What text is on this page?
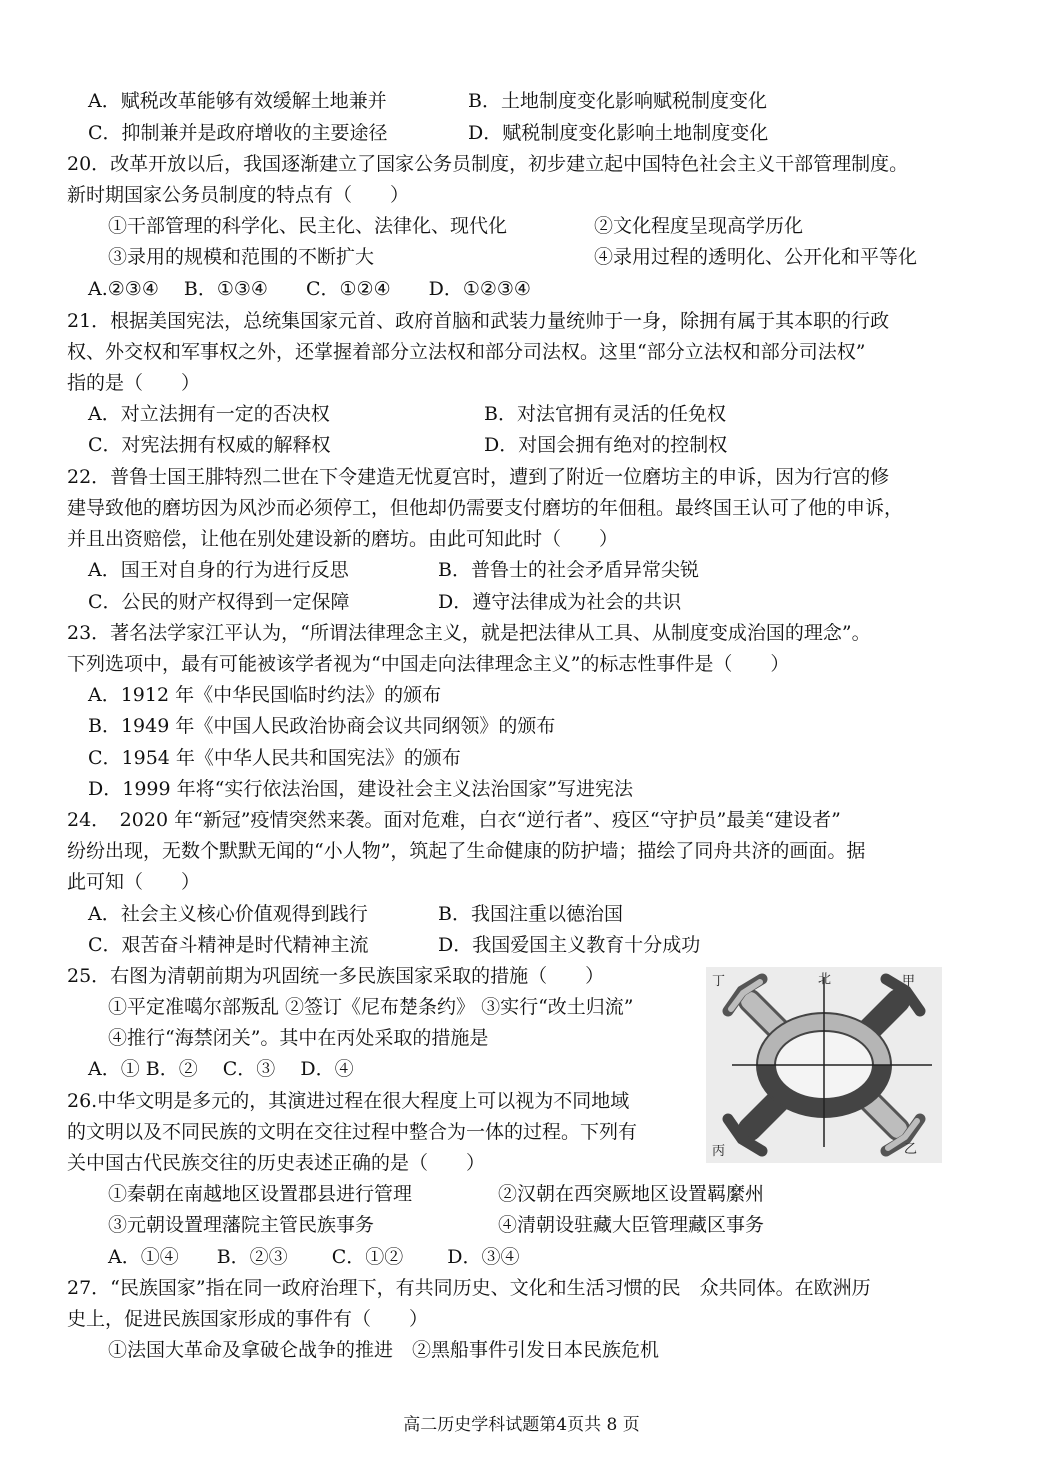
A．赋税改革能够有效缓解土地兼并	B．土地制度变化影响赋税制度变化
C．抑制兼并是政府增收的主要途径	D．赋税制度变化影响土地制度变化
20．改革开放以后，我国逐渐建立了国家公务员制度，初步建立起中国特色社会主义干部管理制度。
新时期国家公务员制度的特点有（　　）
①干部管理的科学化、民主化、法律化、现代化	②文化程度呈现高学历化
③录用的规模和范围的不断扩大	④录用过程的透明化、公开化和平等化
A.②③④　 B．①③④　　C．①②④　　D．①②③④
21．根据美国宪法，总统集国家元首、政府首脑和武装力量统帅于一身，除拥有属于其本职的行政
权、外交权和军事权之外，还掌握着部分立法权和部分司法权。这里“部分立法权和部分司法权”
指的是（　　）
A．对立法拥有一定的否决权	B．对法官拥有灵活的任免权
C．对宪法拥有权威的解释权	D．对国会拥有绝对的控制权
22．普鲁士国王腓特烈二世在下令建造无忧夏宫时，遭到了附近一位磨坊主的申诉，因为行宫的修
建导致他的磨坊因为风沙而必须停工，但他却仍需要支付磨坊的年佃租。最终国王认可了他的申诉，
并且出资赔偿，让他在别处建设新的磨坊。由此可知此时（　　）
A．国王对自身的行为进行反思	B．普鲁士的社会矛盾异常尖锐
C．公民的财产权得到一定保障	D．遵守法律成为社会的共识
23．著名法学家江平认为，“所谓法律理念主义，就是把法律从工具、从制度变成治国的理念”。
下列选项中，最有可能被该学者视为“中国走向法律理念主义”的标志性事件是（　　）
A．1912 年《中华民国临时约法》的颁布
B．1949 年《中国人民政治协商会议共同纲领》的颁布
C．1954 年《中华人民共和国宪法》的颁布
D．1999 年将“实行依法治国，建设社会主义法治国家”写进宪法
24．　2020 年“新冠”疫情突然来袭。面对危难，白衣“逆行者”、疫区“守护员”最美“建设者”
纷纷出现，无数个默默无闻的“小人物”，筑起了生命健康的防护墙；描绘了同舟共济的画面。据
此可知（　　）
A．社会主义核心价值观得到践行	B．我国注重以德治国
C．艰苦奋斗精神是时代精神主流	D．我国爱国主义教育十分成功
25．右图为清朝前期为巩固统一多民族国家采取的措施（　　）
①平定准噶尔部叛乱 ②签订《尼布楚条约》 ③实行“改土归流”
④推行“海禁闭关”。其中在丙处采取的措施是
A．① B．②　 C．③　 D．④
北	甲
乙
丙
丁
26.中华文明是多元的，其演进过程在很大程度上可以视为不同地域
的文明以及不同民族的文明在交往过程中整合为一体的过程。下列有
关中国古代民族交往的历史表述正确的是（　　）
①秦朝在南越地区设置郡县进行管理	②汉朝在西突厥地区设置羁縻州
③元朝设置理藩院主管民族事务	④清朝设驻藏大臣管理藏区事务
A．①④　　B．②③　　 C．①②　　 D．③④
27．“民族国家”指在同一政府治理下，有共同历史、文化和生活习惯的民　众共同体。在欧洲历
史上，促进民族国家形成的事件有（　　）
①法国大革命及拿破仑战争的推进　②黑船事件引发日本民族危机
高二历史学科试题第4页共 8 页
